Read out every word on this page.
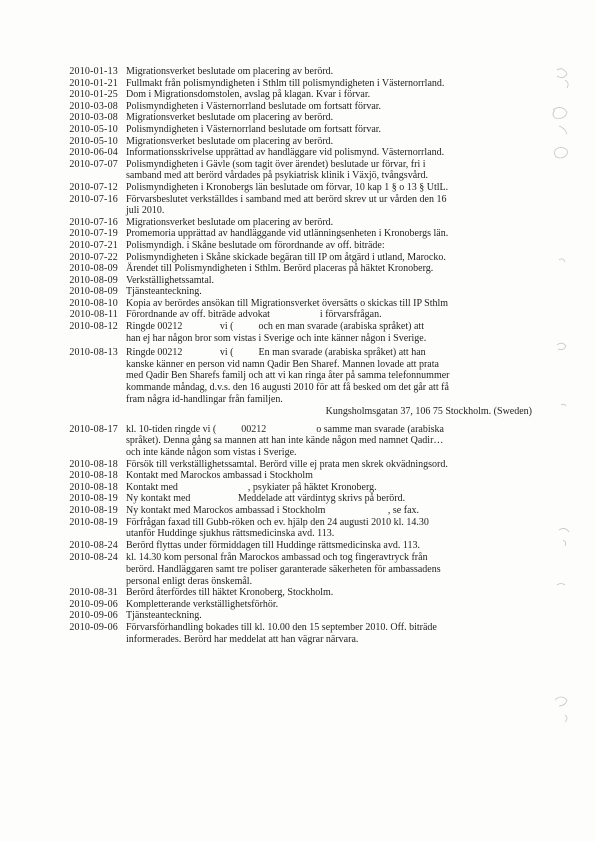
2010-01-13 Migrationsverket beslutade om placering av berörd.
2010-01-21 Fullmakt från polismyndigheten i Sthlm till polismyndigheten i Västernorrland.
2010-01-25 Dom i Migrationsdomstolen, avslag på klagan. Kvar i förvar.
2010-03-08 Polismyndigheten i Västernorrland beslutade om fortsatt förvar.
2010-03-08 Migrationsverket beslutade om placering av berörd.
2010-05-10 Polismyndigheten i Västernorrland beslutade om fortsatt förvar.
2010-05-10 Migrationsverket beslutade om placering av berörd.
2010-06-04 Informationsskrivelse upprättad av handläggare vid polismynd. Västernorrland.
2010-07-07 Polismyndigheten i Gävle (som tagit över ärendet) beslutade ur förvar, fri i
samband med att berörd vårdades på psykiatrisk klinik i Växjö, tvångsvård.
2010-07-12 Polismyndigheten i Kronobergs län beslutade om förvar, 10 kap 1 § o 13 § UtlL.
2010-07-16 Förvarsbeslutet verkställdes i samband med att berörd skrev ut ur vården den 16
juli 2010.
2010-07-16 Migrationsverket beslutade om placering av berörd.
2010-07-19 Promemoria upprättad av handläggande vid utlänningsenheten i Kronobergs län.
2010-07-21 Polismyndigh. i Skåne beslutade om förordnande av off. biträde:
2010-07-22 Polismyndigheten i Skåne skickade begäran till IP om åtgärd i utland, Marocko.
2010-08-09 Ärendet till Polismyndigheten i Sthlm. Berörd placeras på häktet Kronoberg.
2010-08-09 Verkställighetssamtal.
2010-08-09 Tjänsteanteckning.
2010-08-10 Kopia av berördes ansökan till Migrationsverket översätts o skickas till IP Sthlm
2010-08-11 Förordnande av off. biträde advokat                    i förvarsfrågan.
2010-08-12 Ringde 00212               vi (          och en man svarade (arabiska språket) att
han ej har någon bror som vistas i Sverige och inte känner någon i Sverige.
2010-08-13 Ringde 00212               vi (          En man svarade (arabiska språket) att han
kanske känner en person vid namn Qadir Ben Sharef. Mannen lovade att prata
med Qadir Ben Sharefs familj och att vi kan ringa åter på samma telefonnummer
kommande måndag, d.v.s. den 16 augusti 2010 för att få besked om det går att få
fram några id-handlingar från familjen.
Kungsholmsgatan 37, 106 75 Stockholm. (Sweden)
2010-08-17 kl. 10-tiden ringde vi (          00212                    o samme man svarade (arabiska
språket). Denna gång sa mannen att han inte kände någon med namnet Qadir…
och inte kände någon som vistas i Sverige.
2010-08-18 Försök till verkställighetssamtal. Berörd ville ej prata men skrek okvädningsord.
2010-08-18 Kontakt med Marockos ambassad i Stockholm
2010-08-18 Kontakt med                            , psykiater på häktet Kronoberg.
2010-08-19 Ny kontakt med                   Meddelade att värdintyg skrivs på berörd.
2010-08-19 Ny kontakt med Marockos ambassad i Stockholm                         , se fax.
2010-08-19 Förfrågan faxad till Gubb-röken och ev. hjälp den 24 augusti 2010 kl. 14.30
utanför Huddinge sjukhus rättsmedicinska avd. 113.
2010-08-24 Berörd flyttas under förmiddagen till Huddinge rättsmedicinska avd. 113.
2010-08-24 kl. 14.30 kom personal från Marockos ambassad och tog fingeravtryck från
berörd. Handläggaren samt tre poliser garanterade säkerheten för ambassadens
personal enligt deras önskemål.
2010-08-31 Berörd återfördes till häktet Kronoberg, Stockholm.
2010-09-06 Kompletterande verkställighetsförhör.
2010-09-06 Tjänsteanteckning.
2010-09-06 Förvarsförhandling bokades till kl. 10.00 den 15 september 2010. Off. biträde
informerades. Berörd har meddelat att han vägrar närvara.
